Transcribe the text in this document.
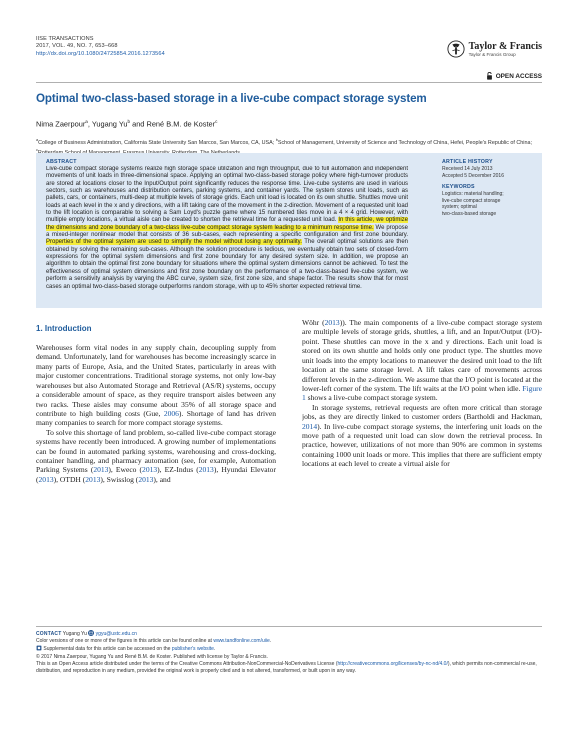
IISE TRANSACTIONS
2017, VOL. 49, NO. 7, 653–668
http://dx.doi.org/10.1080/24725854.2016.1273564
Taylor & Francis
Taylor & Francis Group
OPEN ACCESS
Optimal two-class-based storage in a live-cube compact storage system
Nima Zaerpour$^a$, Yugang Yu$^b$ and René B.M. de Koster$^c$
$^a$College of Business Administration, California State University San Marcos, San Marcos, CA, USA; $^b$School of Management, University of Science and Technology of China, Hefei, People's Republic of China; $^c$
ABSTRACT
Live-cube compact storage systems realize high storage space utilization and high throughput, due to full automation and independent movements of unit loads in three-dimensional space. Applying an optimal two-class-based storage policy where high-turnover products are stored at locations closer to the Input/Output point significantly reduces the response time. Live-cube systems are used in various sectors, such as warehouses and distribution centers, parking systems, and container yards. The system stores unit loads, such as pallets, cars, or containers, multi-deep at multiple levels of storage grids. Each unit load is located on its own shuttle. Shuttles move unit loads at each level in the x and y directions, with a lift taking care of the movement in the z-direction. Movement of a requested unit load to the lift location is comparable to solving a Sam Loyd's puzzle game where 15 numbered tiles move in a 4 × 4 grid. However, with multiple empty locations, a virtual aisle can be created to shorten the retrieval time for a requested unit load. In this article, we optimize the dimensions and zone boundary of a two-class live-cube compact storage system leading to a minimum response time. We propose a mixed-integer nonlinear model that consists of 36 sub-cases, each representing a specific configuration and first zone boundary. Properties of the optimal system are used to simplify the model without losing any optimality. The overall optimal solutions are then obtained by solving the remaining sub-cases. Although the solution procedure is tedious, we eventually obtain two sets of closed-form expressions for the optimal system dimensions and first zone boundary for any desired system size. In addition, we propose an algorithm to obtain the optimal first zone boundary for situations where the optimal system dimensions cannot be achieved. To test the effectiveness of optimal system dimensions and first zone boundary on the performance of a two-class-based live-cube system, we perform a sensitivity analysis by varying the ABC curve, system size, first zone size, and shape factor. The results show that for most cases an optimal two-class-based storage outperforms random storage, with up to 45% shorter expected retrieval time.
ARTICLE HISTORY
Received 14 July 2013
Accepted 5 December 2016
KEYWORDS
Logistics: material handling;
live-cube compact storage
system; optimal
two-class-based storage
1. Introduction

Warehouses form vital nodes in any supply chain, decoupling supply from demand. Unfortunately, land for warehouses has become increasingly scarce in many parts of Europe, Asia, and the United States, particularly in areas with major customer concentrations. Traditional storage systems, not only low-bay warehouses but also Automated Storage and Retrieval (AS/R) systems, occupy a considerable amount of space, as they require transport aisles between any two racks. These aisles may consume about 35% of all storage space and contribute to high building costs (Gue, 2006). Shortage of land has driven many companies to search for more compact storage systems.

To solve this shortage of land problem, so-called live-cube compact storage systems have recently been introduced. A growing number of implementations can be found in automated parking systems, warehousing and cross-docking, container handling, and pharmacy automation (see, for example, Automation Parking Systems (2013), Eweco (2013), EZ-Indus (2013), Hyundai Elevator (2013), OTDH (2013), Swisslog (2013), and

Wöhr (2013)). The main components of a live-cube compact storage system are multiple levels of storage grids, shuttles, a lift, and an Input/Output (I/O)-point. These shuttles can move in the x and y directions. Each unit load is stored on its own shuttle and holds only one product type. The shuttles move unit loads into the empty locations to maneuver the desired unit load to the lift location at the same storage level. A lift takes care of movements across different levels in the z-direction. We assume that the I/O point is located at the lower-left corner of the system. The lift waits at the I/O point when idle. Figure 1 shows a live-cube compact storage system.

In storage systems, retrieval requests are often more critical than storage jobs, as they are directly linked to customer orders (Bartholdi and Hackman, 2014). In live-cube compact storage systems, the interfering unit loads on the move path of a requested unit load can slow down the retrieval process. In practice, however, utilizations of not more than 90% are common in systems containing 1000 unit loads or more. This implies that there are sufficient empty locations at each level to create a virtual aisle for

CONTACT Yugang Yu  ygyu@ustc.edu.cn
Color versions of one or more of the figures in this article can be found online at www.tandfonline.com/uiie.
Supplemental data for this article can be accessed on the publisher's website.
© 2017 Nima Zaerpour, Yugang Yu and René B.M. de Koster. Published with license by Taylor & Francis.
This is an Open Access article distributed under the terms of the Creative Commons Attribution-NonCommercial-NoDerivatives License (http://creativecommons.org/licenses/by-nc-nd/4.0/), which permits non-commercial re-use, distribution, and reproduction in any medium, provided the original work is properly cited and is not altered, transformed, or built upon in any way.
